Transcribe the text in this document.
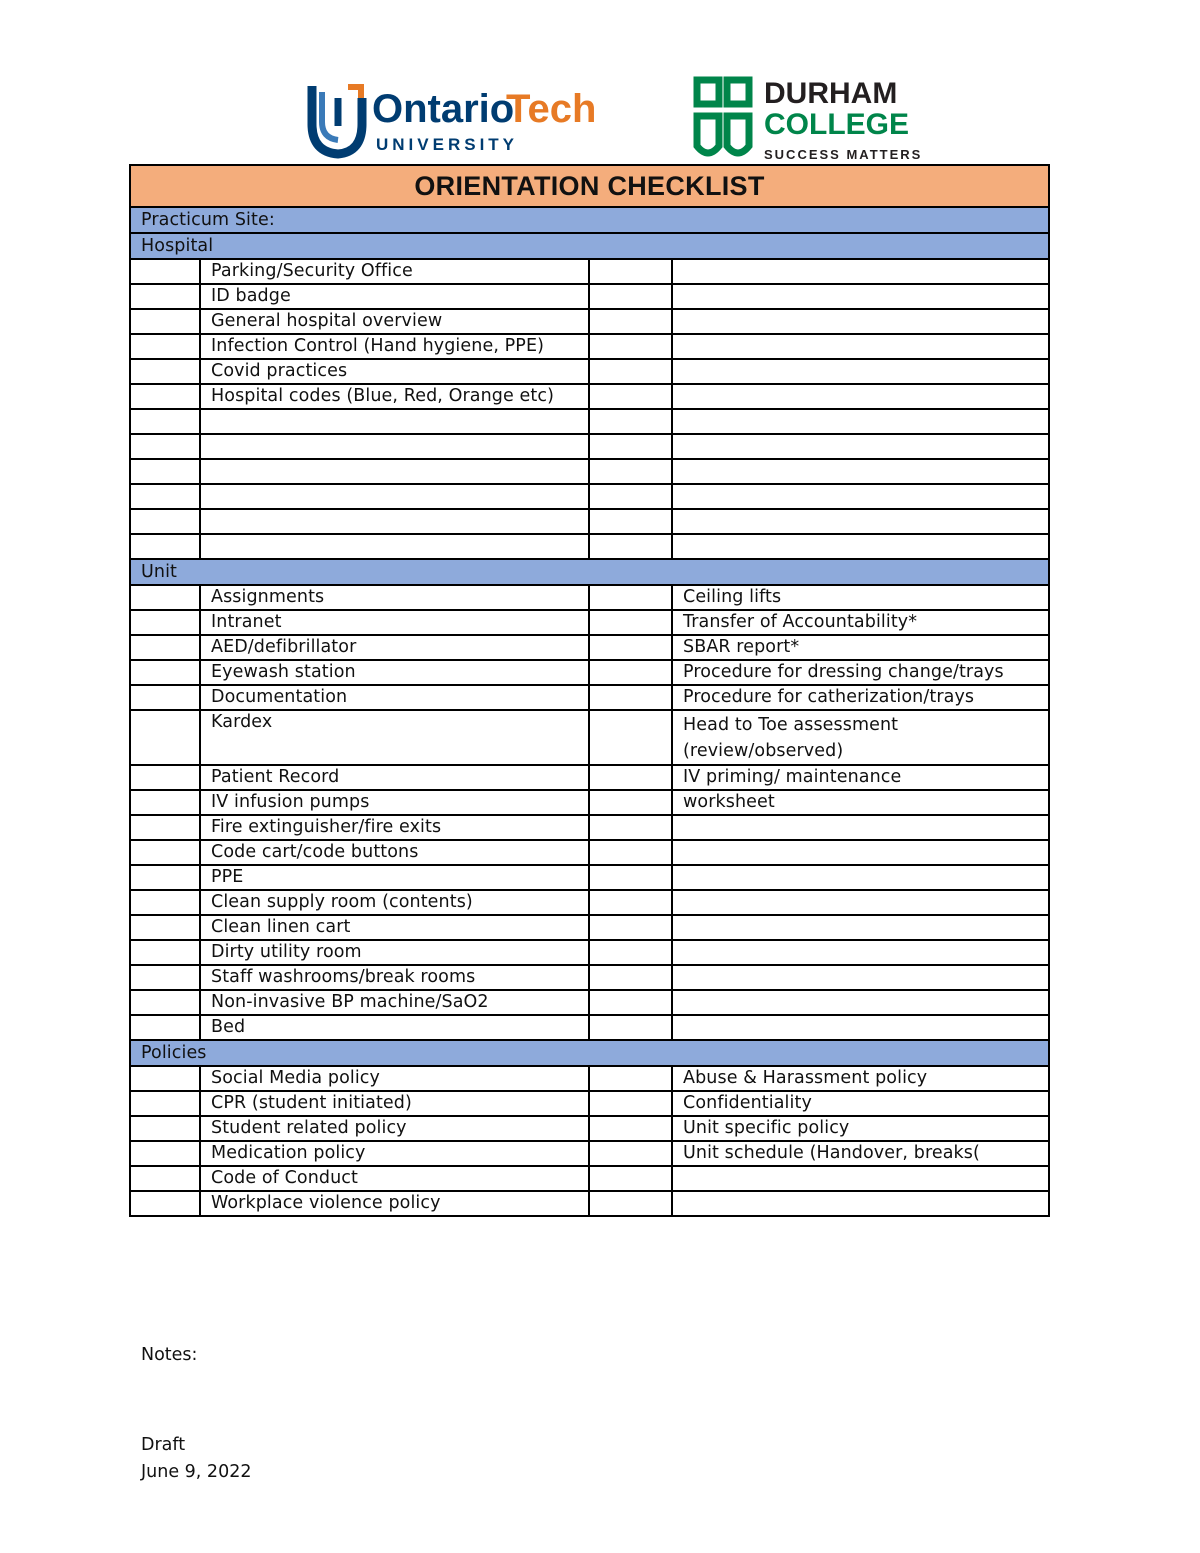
Ontario
Tech
UNIVERSITY
DURHAM
COLLEGE
SUCCESS MATTERS
ORIENTATION CHECKLIST			
Practicum Site:			
Hospital			
	Parking/Security Office		
	ID badge		
	General hospital overview		
	Infection Control (Hand hygiene, PPE)		
	Covid practices		
	Hospital codes (Blue, Red, Orange etc)		

Unit			
	Assignments		Ceiling lifts
	Intranet		Transfer of Accountability*
	AED/defibrillator		SBAR report*
	Eyewash station		Procedure for dressing change/trays
	Documentation		Procedure for catherization/trays
	Kardex		Head to Toe assessment (review/observed)
	Patient Record		IV priming/ maintenance
	IV infusion pumps		worksheet
	Fire extinguisher/fire exits		
	Code cart/code buttons		
	PPE		
	Clean supply room (contents)		
	Clean linen cart		
	Dirty utility room		
	Staff washrooms/break rooms		
	Non-invasive BP machine/SaO2		
	Bed		
Policies			
	Social Media policy		Abuse & Harassment policy
	CPR (student initiated)		Confidentiality
	Student related policy		Unit specific policy
	Medication policy		Unit schedule (Handover, breaks(
	Code of Conduct		
	Workplace violence policy		
Notes:
Draft
June 9, 2022
